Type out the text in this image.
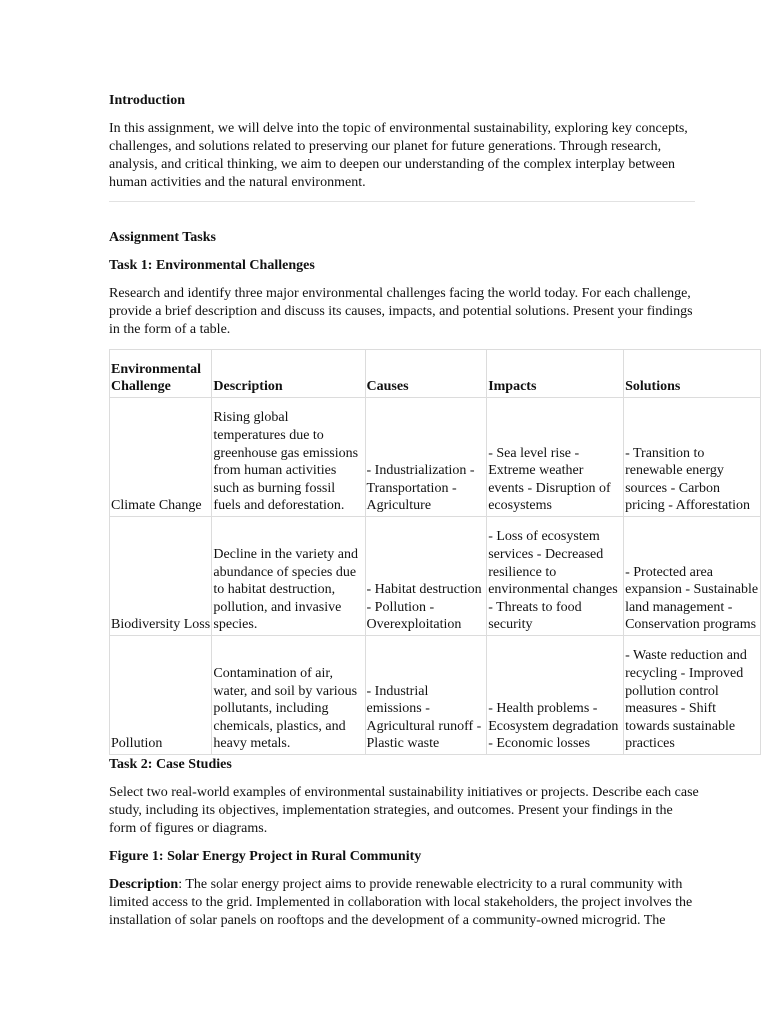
Introduction

In this assignment, we will delve into the topic of environmental sustainability, exploring key concepts, challenges, and solutions related to preserving our planet for future generations. Through research, analysis, and critical thinking, we aim to deepen our understanding of the complex interplay between human activities and the natural environment.

Assignment Tasks
Task 1: Environmental Challenges

Research and identify three major environmental challenges facing the world today. For each challenge, provide a brief description and discuss its causes, impacts, and potential solutions. Present your findings in the form of a table.

Environmental Challenge	Description	Causes	Impacts	Solutions
Climate Change	Rising global temperatures due to greenhouse gas emissions from human activities such as burning fossil fuels and deforestation.	- Industrialization - Transportation - Agriculture	- Sea level rise - Extreme weather events - Disruption of ecosystems	- Transition to renewable energy sources - Carbon pricing - Afforestation
Biodiversity Loss	Decline in the variety and abundance of species due to habitat destruction, pollution, and invasive species.	- Habitat destruction - Pollution - Overexploitation	- Loss of ecosystem services - Decreased resilience to environmental changes - Threats to food security	- Protected area expansion - Sustainable land management - Conservation programs
Pollution	Contamination of air, water, and soil by various pollutants, including chemicals, plastics, and heavy metals.	- Industrial emissions - Agricultural runoff - Plastic waste	- Health problems - Ecosystem degradation - Economic losses	- Waste reduction and recycling - Improved pollution control measures - Shift towards sustainable practices
Task 2: Case Studies

Select two real-world examples of environmental sustainability initiatives or projects. Describe each case study, including its objectives, implementation strategies, and outcomes. Present your findings in the form of figures or diagrams.

Figure 1: Solar Energy Project in Rural Community

Description: The solar energy project aims to provide renewable electricity to a rural community with limited access to the grid. Implemented in collaboration with local stakeholders, the project involves the installation of solar panels on rooftops and the development of a community-owned microgrid. The
